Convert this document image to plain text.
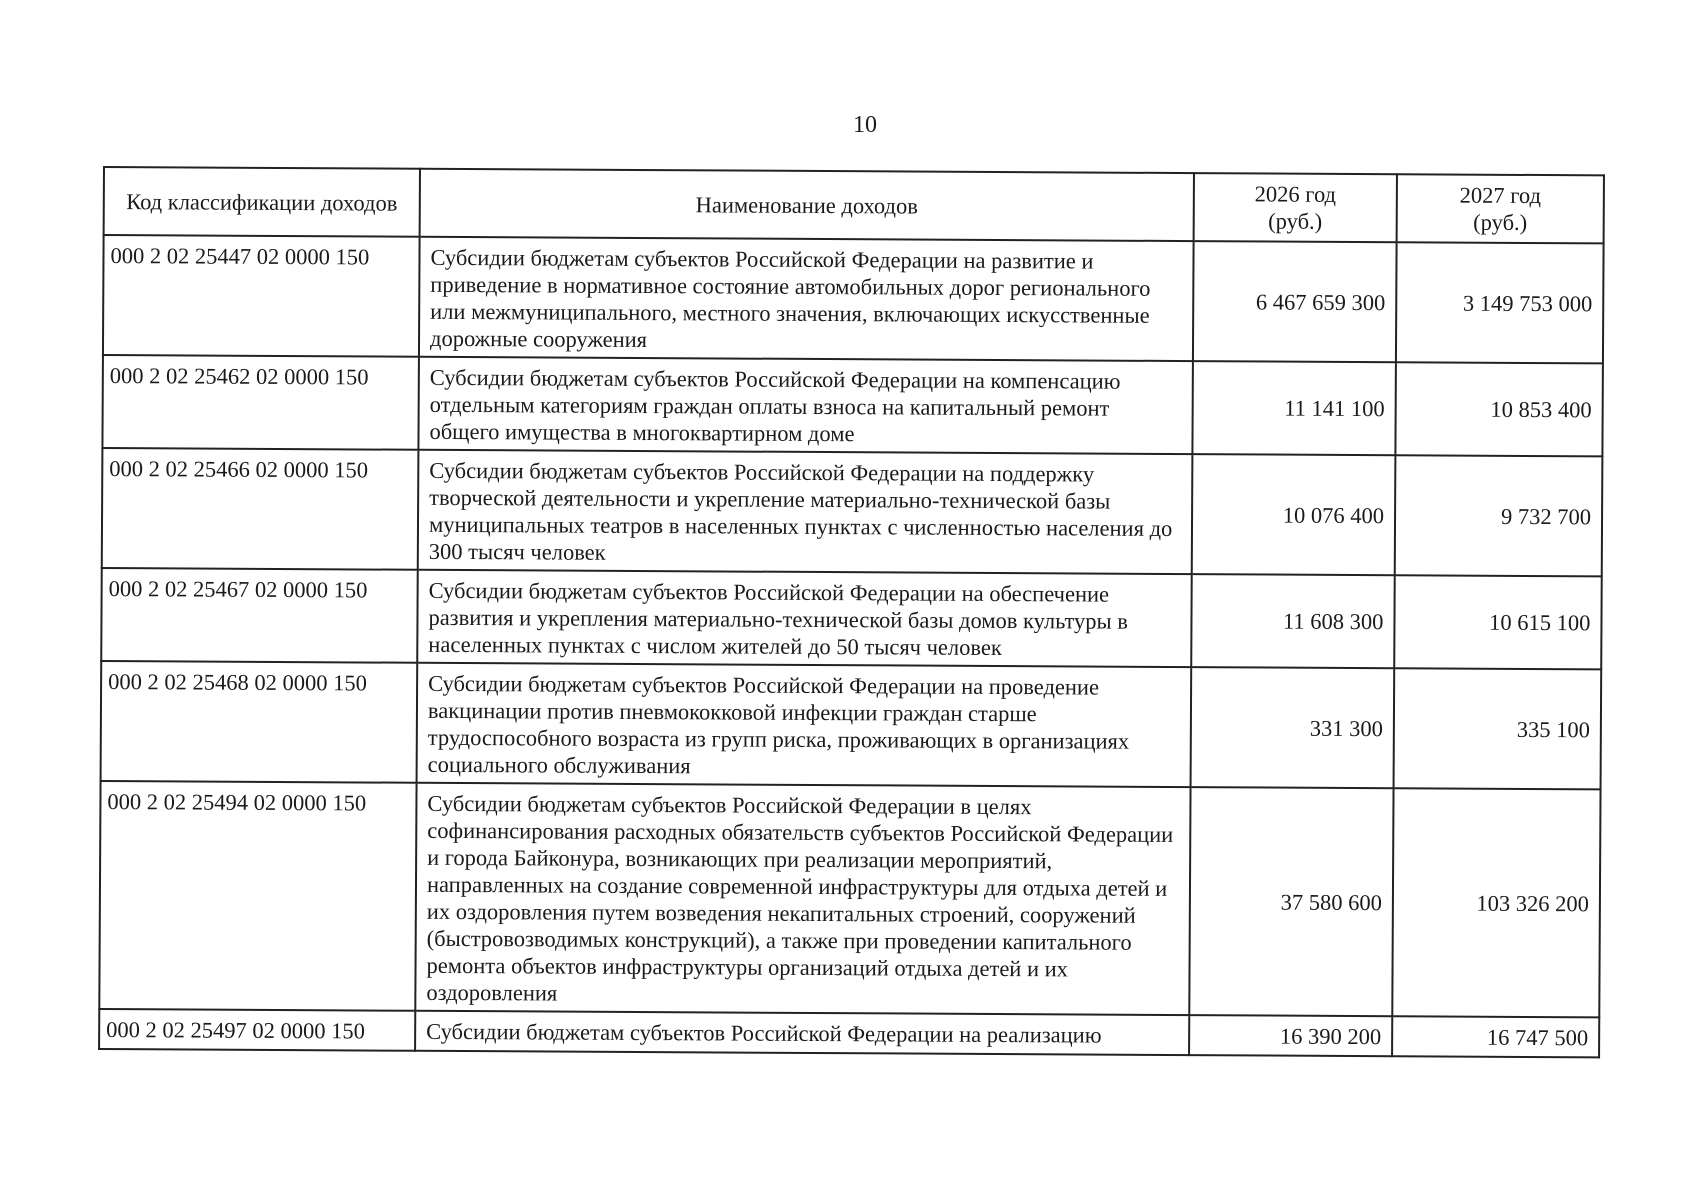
10
Код классификации доходов	Наименование доходов	2026 год (руб.)	2027 год (руб.)
000 2 02 25447 02 0000 150	Субсидии бюджетам субъектов Российской Федерации на развитие и приведение в нормативное состояние автомобильных дорог регионального или межмуниципального, местного значения, включающих искусственные дорожные сооружения	6 467 659 300	3 149 753 000
000 2 02 25462 02 0000 150	Субсидии бюджетам субъектов Российской Федерации на компенсацию отдельным категориям граждан оплаты взноса на капитальный ремонт общего имущества в многоквартирном доме	11 141 100	10 853 400
000 2 02 25466 02 0000 150	Субсидии бюджетам субъектов Российской Федерации на поддержку творческой деятельности и укрепление материально-технической базы муниципальных театров в населенных пунктах с численностью населения до 300 тысяч человек	10 076 400	9 732 700
000 2 02 25467 02 0000 150	Субсидии бюджетам субъектов Российской Федерации на обеспечение развития и укрепления материально-технической базы домов культуры в населенных пунктах с числом жителей до 50 тысяч человек	11 608 300	10 615 100
000 2 02 25468 02 0000 150	Субсидии бюджетам субъектов Российской Федерации на проведение вакцинации против пневмококковой инфекции граждан старше трудоспособного возраста из групп риска, проживающих в организациях социального обслуживания	331 300	335 100
000 2 02 25494 02 0000 150	Субсидии бюджетам субъектов Российской Федерации в целях софинансирования расходных обязательств субъектов Российской Федерации и города Байконура, возникающих при реализации мероприятий, направленных на создание современной инфраструктуры для отдыха детей и их оздоровления путем возведения некапитальных строений, сооружений (быстровозводимых конструкций), а также при проведении капитального ремонта объектов инфраструктуры организаций отдыха детей и их оздоровления	37 580 600	103 326 200
000 2 02 25497 02 0000 150	Субсидии бюджетам субъектов Российской Федерации на реализацию	16 390 200	16 747 500
